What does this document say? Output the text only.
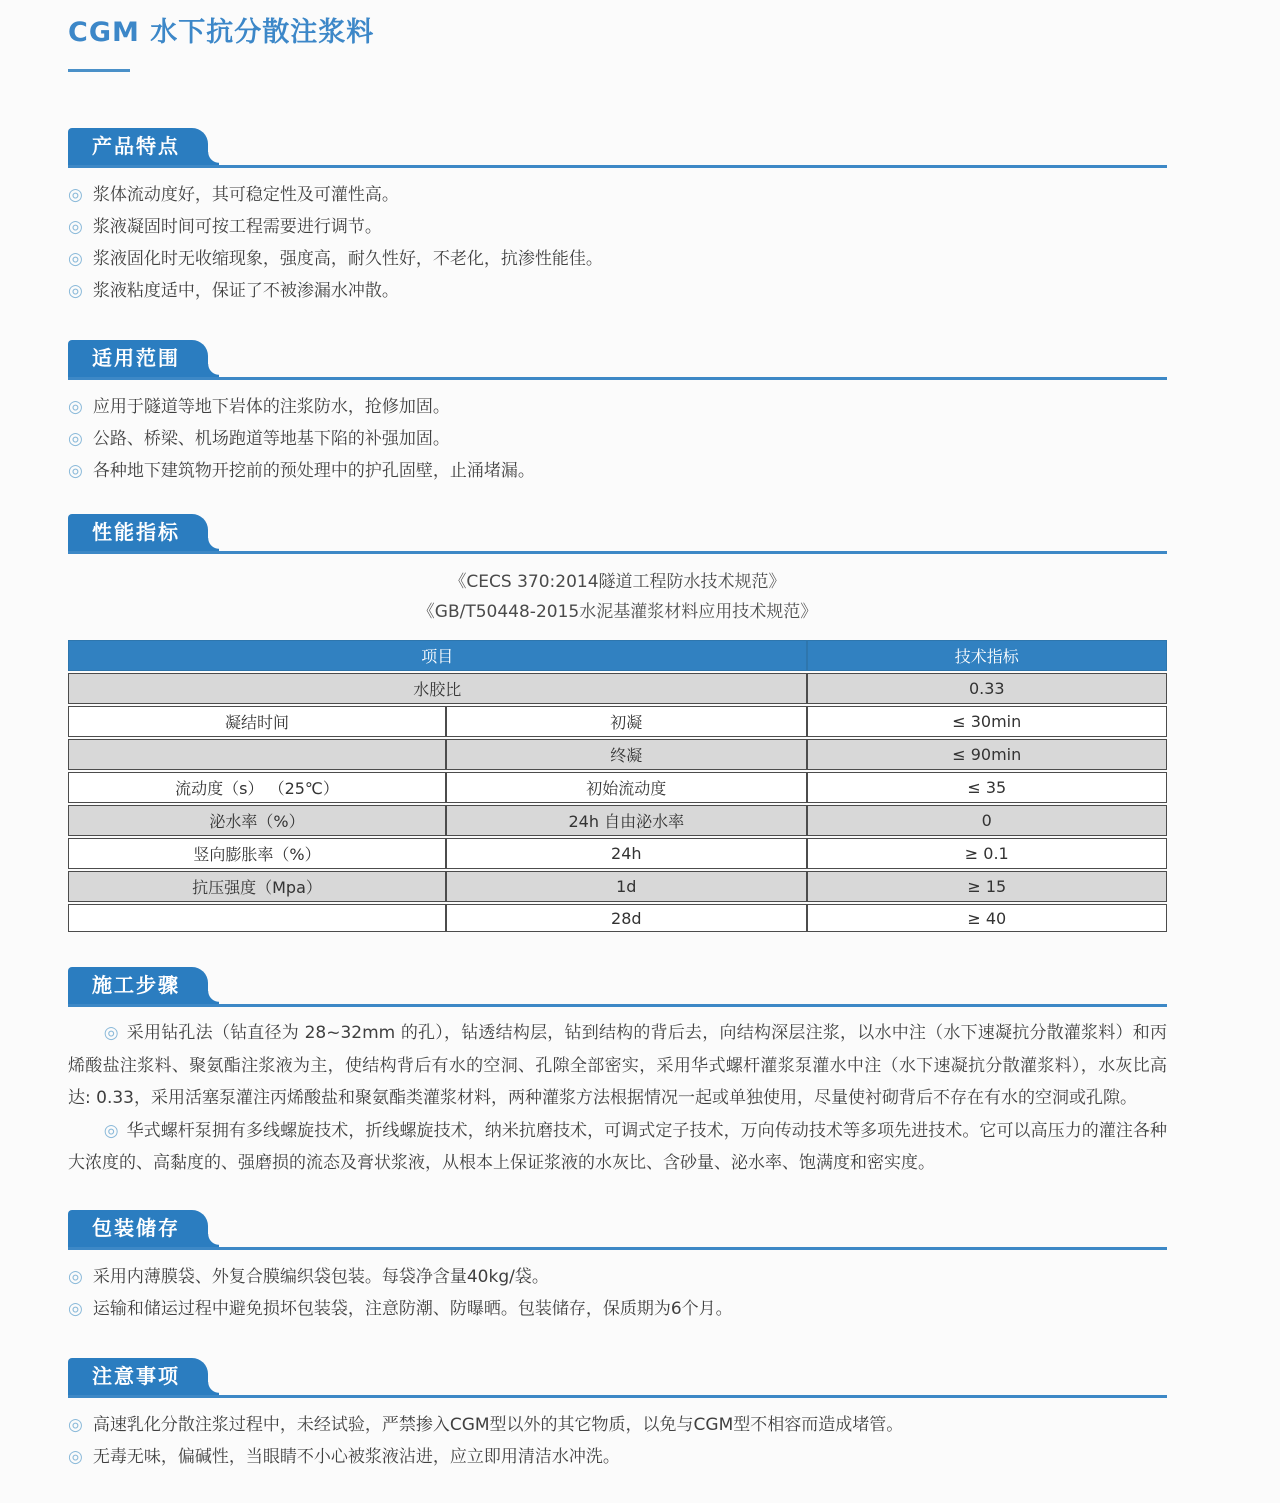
CGM 水下抗分散注浆料
产品特点
◎ 浆体流动度好，其可稳定性及可灌性高。
◎ 浆液凝固时间可按工程需要进行调节。
◎ 浆液固化时无收缩现象，强度高，耐久性好，不老化，抗渗性能佳。
◎ 浆液粘度适中，保证了不被渗漏水冲散。
适用范围
◎ 应用于隧道等地下岩体的注浆防水，抢修加固。
◎ 公路、桥梁、机场跑道等地基下陷的补强加固。
◎ 各种地下建筑物开挖前的预处理中的护孔固壁，止涌堵漏。
性能指标
《CECS 370:2014隧道工程防水技术规范》
《GB/T50448-2015水泥基灌浆材料应用技术规范》
项目		技术指标
水胶比		0.33
凝结时间	初凝	≤ 30min
	终凝	≤ 90min
流动度（s） （25℃）	初始流动度	≤ 35
泌水率（%）	24h 自由泌水率	0
竖向膨胀率（%）	24h	≥ 0.1
抗压强度（Mpa）	1d	≥ 15
	28d	≥ 40
施工步骤

◎ 采用钻孔法（钻直径为 28~32mm 的孔），钻透结构层，钻到结构的背后去，向结构深层注浆，以水中注（水下速凝抗分散灌浆料）和丙烯酸盐注浆料、聚氨酯注浆液为主，使结构背后有水的空洞、孔隙全部密实，采用华式螺杆灌浆泵灌水中注（水下速凝抗分散灌浆料），水灰比高达: 0.33，采用活塞泵灌注丙烯酸盐和聚氨酯类灌浆材料，两种灌浆方法根据情况一起或单独使用，尽量使衬砌背后不存在有水的空洞或孔隙。

◎ 华式螺杆泵拥有多线螺旋技术，折线螺旋技术，纳米抗磨技术，可调式定子技术，万向传动技术等多项先进技术。它可以高压力的灌注各种大浓度的、高黏度的、强磨损的流态及膏状浆液，从根本上保证浆液的水灰比、含砂量、泌水率、饱满度和密实度。

包装储存
◎ 采用内薄膜袋、外复合膜编织袋包装。每袋净含量40kg/袋。
◎ 运输和储运过程中避免损坏包装袋，注意防潮、防曝晒。包装储存，保质期为6个月。
注意事项
◎ 高速乳化分散注浆过程中，未经试验，严禁掺入CGM型以外的其它物质，以免与CGM型不相容而造成堵管。
◎ 无毒无味，偏碱性，当眼睛不小心被浆液沾进，应立即用清洁水冲洗。
